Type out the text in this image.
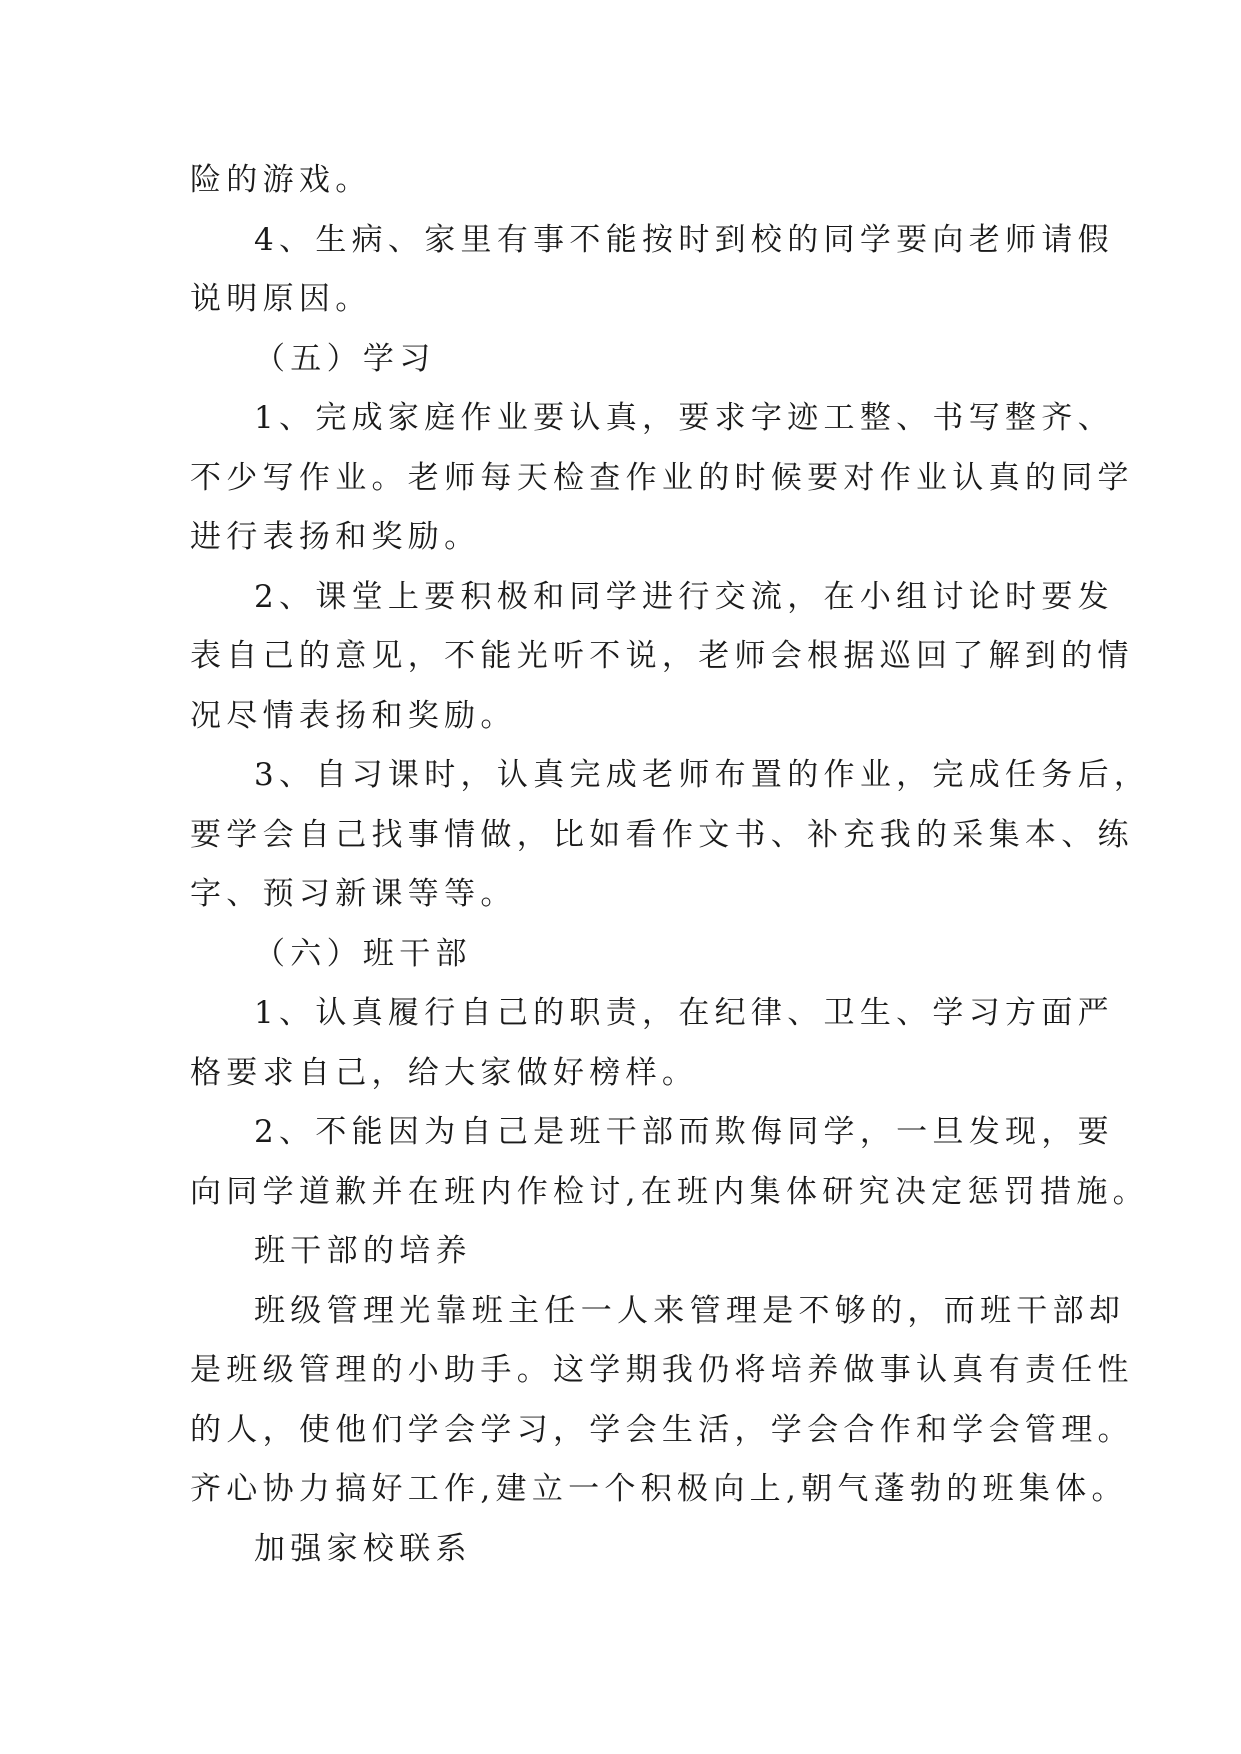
险的游戏。
4、生病、家里有事不能按时到校的同学要向老师请假
说明原因。
（五）学习
1、完成家庭作业要认真，要求字迹工整、书写整齐、
不少写作业。老师每天检查作业的时候要对作业认真的同学
进行表扬和奖励。
2、课堂上要积极和同学进行交流，在小组讨论时要发
表自己的意见，不能光听不说，老师会根据巡回了解到的情
况尽情表扬和奖励。
3、自习课时，认真完成老师布置的作业，完成任务后，
要学会自己找事情做，比如看作文书、补充我的采集本、练
字、预习新课等等。
（六）班干部
1、认真履行自己的职责，在纪律、卫生、学习方面严
格要求自己，给大家做好榜样。
2、不能因为自己是班干部而欺侮同学，一旦发现，要
向同学道歉并在班内作检讨,在班内集体研究决定惩罚措施。
班干部的培养
班级管理光靠班主任一人来管理是不够的，而班干部却
是班级管理的小助手。这学期我仍将培养做事认真有责任性
的人，使他们学会学习，学会生活，学会合作和学会管理。
齐心协力搞好工作,建立一个积极向上,朝气蓬勃的班集体。
加强家校联系
